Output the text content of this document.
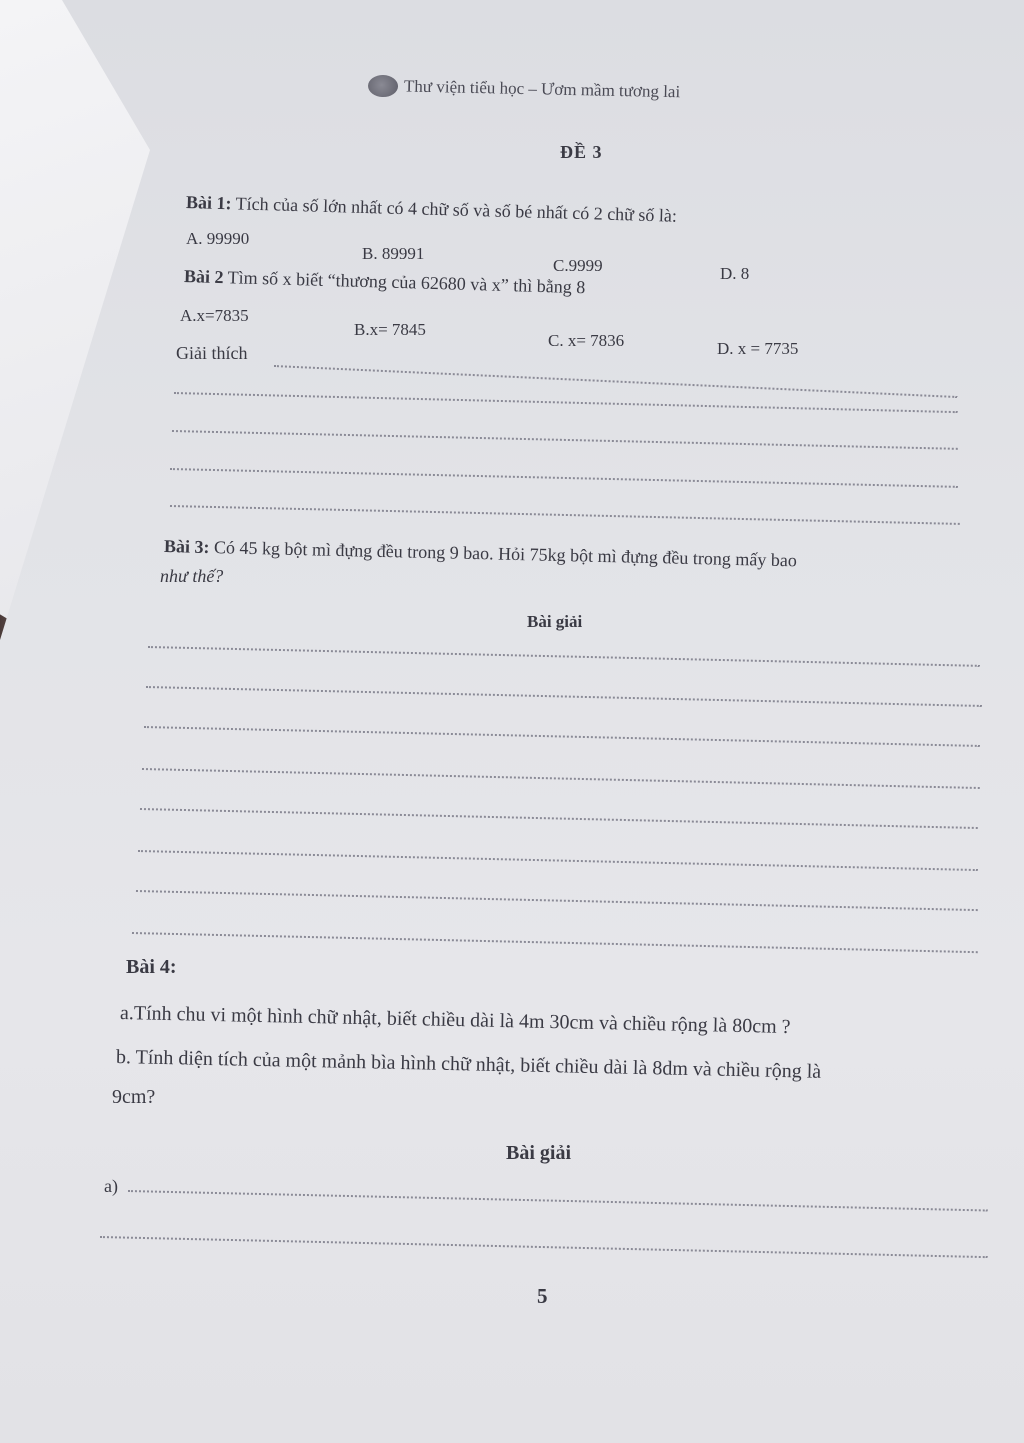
Thư viện tiểu học – Ươm mầm tương lai
ĐỀ 3
Bài 1: Tích của số lớn nhất có 4 chữ số và số bé nhất có 2 chữ số là:
A. 99990
B. 89991
C.9999	D. 8
Bài 2 Tìm số x biết “thương của 62680 và x” thì bằng 8
A.x=7835
B.x= 7845
C. x= 7836	D. x = 7735
Giải thích
Bài 3: Có 45 kg bột mì đựng đều trong 9 bao. Hỏi 75kg bột mì đựng đều trong mấy bao
như thế?
Bài giải
Bài 4:
a.Tính chu vi một hình chữ nhật, biết chiều dài là 4m 30cm và chiều rộng là 80cm ?
b. Tính diện tích của một mảnh bìa hình chữ nhật, biết chiều dài là 8dm và chiều rộng là
9cm?
Bài giải
a)
5
